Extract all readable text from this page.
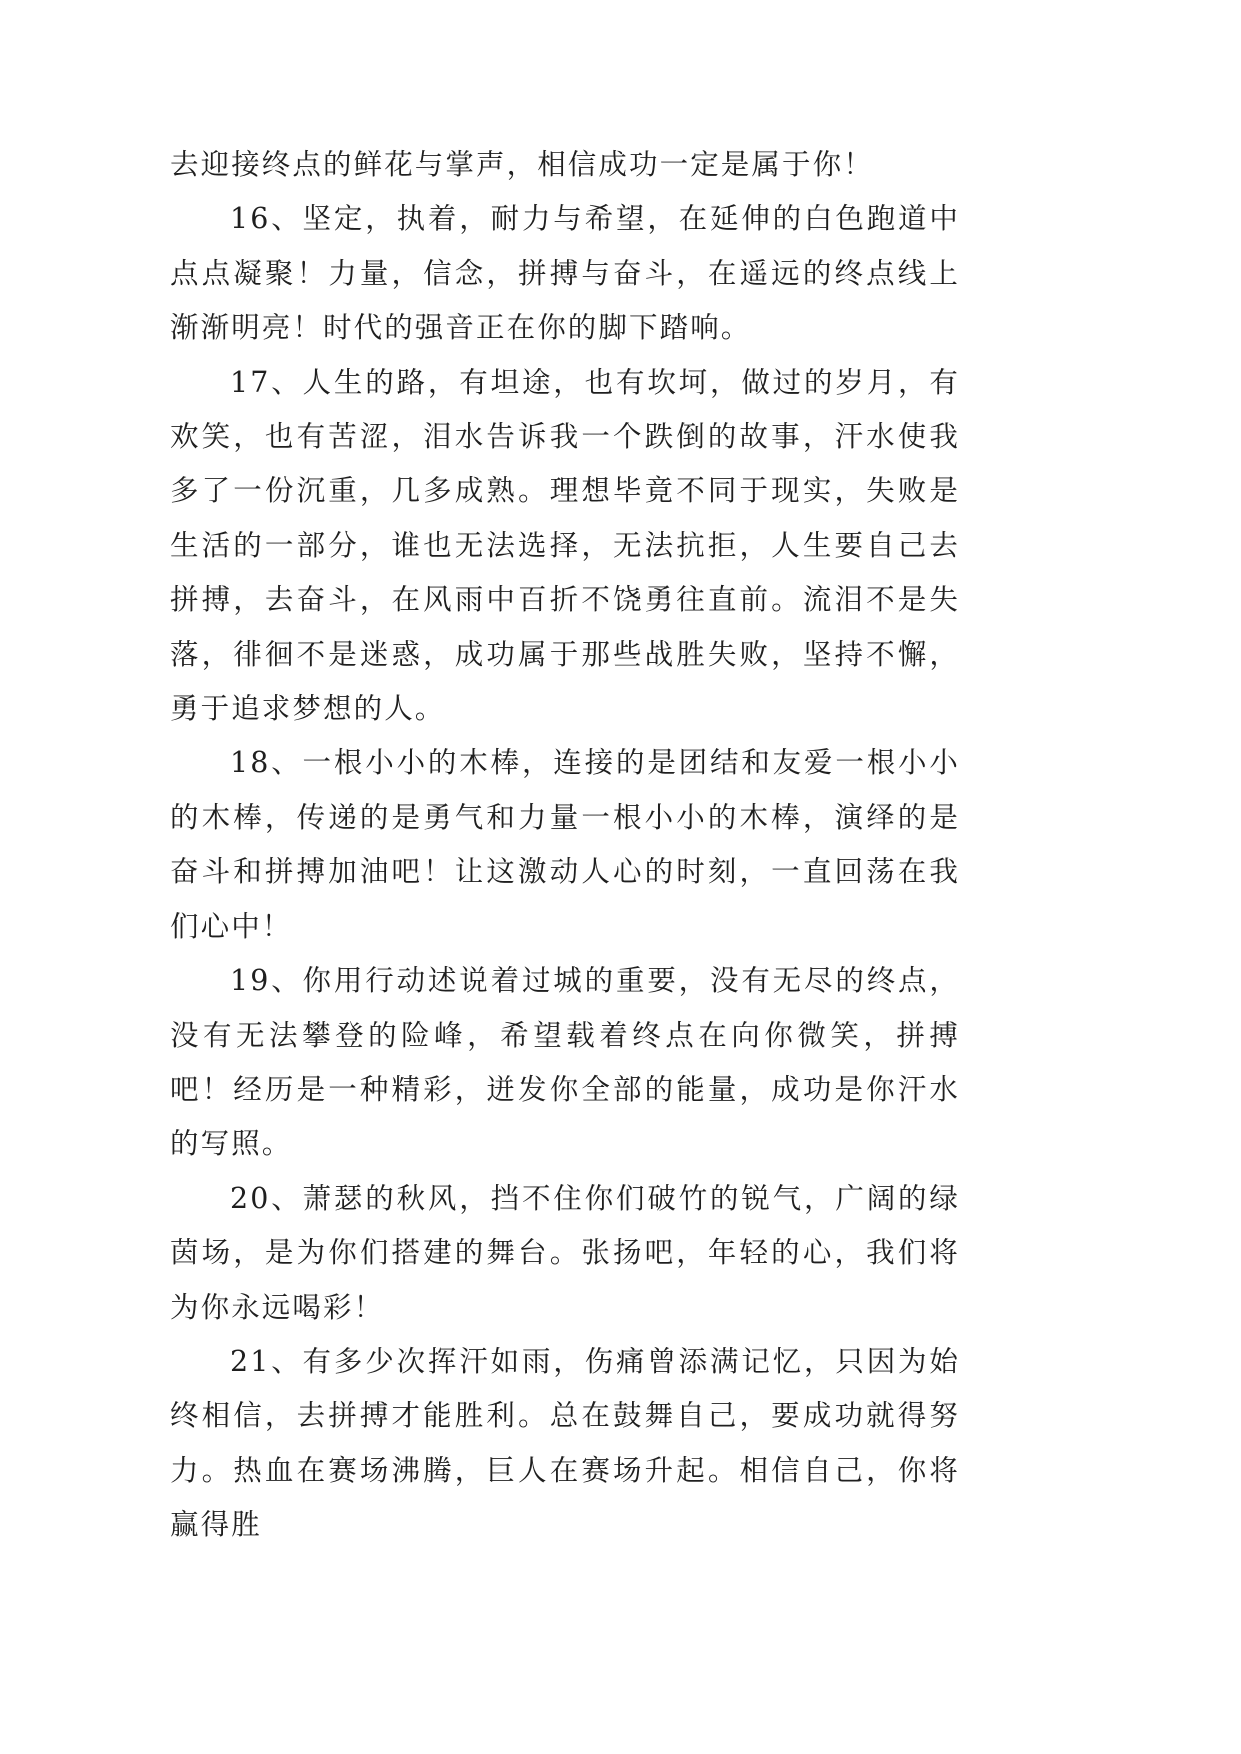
去迎接终点的鲜花与掌声，相信成功一定是属于你！

16、坚定，执着，耐力与希望，在延伸的白色跑道中点点凝聚！力量，信念，拼搏与奋斗，在遥远的终点线上渐渐明亮！时代的强音正在你的脚下踏响。

17、人生的路，有坦途，也有坎坷，做过的岁月，有欢笑，也有苦涩，泪水告诉我一个跌倒的故事，汗水使我多了一份沉重，几多成熟。理想毕竟不同于现实，失败是生活的一部分，谁也无法选择，无法抗拒，人生要自己去拼搏，去奋斗，在风雨中百折不饶勇往直前。流泪不是失落，徘徊不是迷惑，成功属于那些战胜失败，坚持不懈，勇于追求梦想的人。

18、一根小小的木棒，连接的是团结和友爱一根小小的木棒，传递的是勇气和力量一根小小的木棒，演绎的是奋斗和拼搏加油吧！让这激动人心的时刻，一直回荡在我们心中！

19、你用行动述说着过城的重要，没有无尽的终点，没有无法攀登的险峰，希望载着终点在向你微笑，拼搏吧！经历是一种精彩，迸发你全部的能量，成功是你汗水的写照。

20、萧瑟的秋风，挡不住你们破竹的锐气，广阔的绿茵场，是为你们搭建的舞台。张扬吧，年轻的心，我们将为你永远喝彩！

21、有多少次挥汗如雨，伤痛曾添满记忆，只因为始终相信，去拼搏才能胜利。总在鼓舞自己，要成功就得努力。热血在赛场沸腾，巨人在赛场升起。相信自己，你将赢得胜
